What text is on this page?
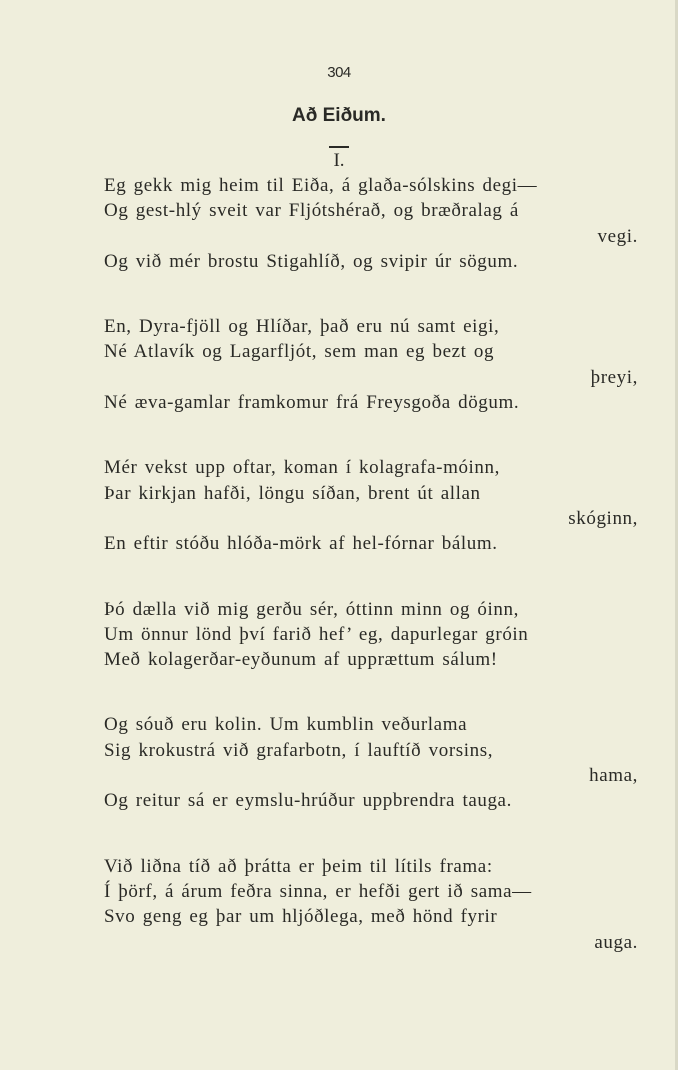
304
Að Eiðum.
I.
Eg gekk mig heim til Eiða, á glaða-sólskins degi—
Og gest-hlý sveit var Fljótshérað, og bræðralag á
vegi.
Og við mér brostu Stigahlíð, og svipir úr sögum.
En, Dyra-fjöll og Hlíðar, það eru nú samt eigi,
Né Atlavík og Lagarfljót, sem man eg bezt og
þreyi,
Né æva-gamlar framkomur frá Freysgoða dögum.
Mér vekst upp oftar, koman í kolagrafa-móinn,
Þar kirkjan hafði, löngu síðan, brent út allan
skóginn,
En eftir stóðu hlóða-mörk af hel-fórnar bálum.
Þó dælla við mig gerðu sér, óttinn minn og óinn,
Um önnur lönd því farið hef’ eg, dapurlegar gróin
Með kolagerðar-eyðunum af upprættum sálum!
Og sóuð eru kolin. Um kumblin veðurlama
Sig krokustrá við grafarbotn, í lauftíð vorsins,
hama,
Og reitur sá er eymslu-hrúður uppbrendra tauga.
Við liðna tíð að þrátta er þeim til lítils frama:
Í þörf, á árum feðra sinna, er hefði gert ið sama—
Svo geng eg þar um hljóðlega, með hönd fyrir
auga.
